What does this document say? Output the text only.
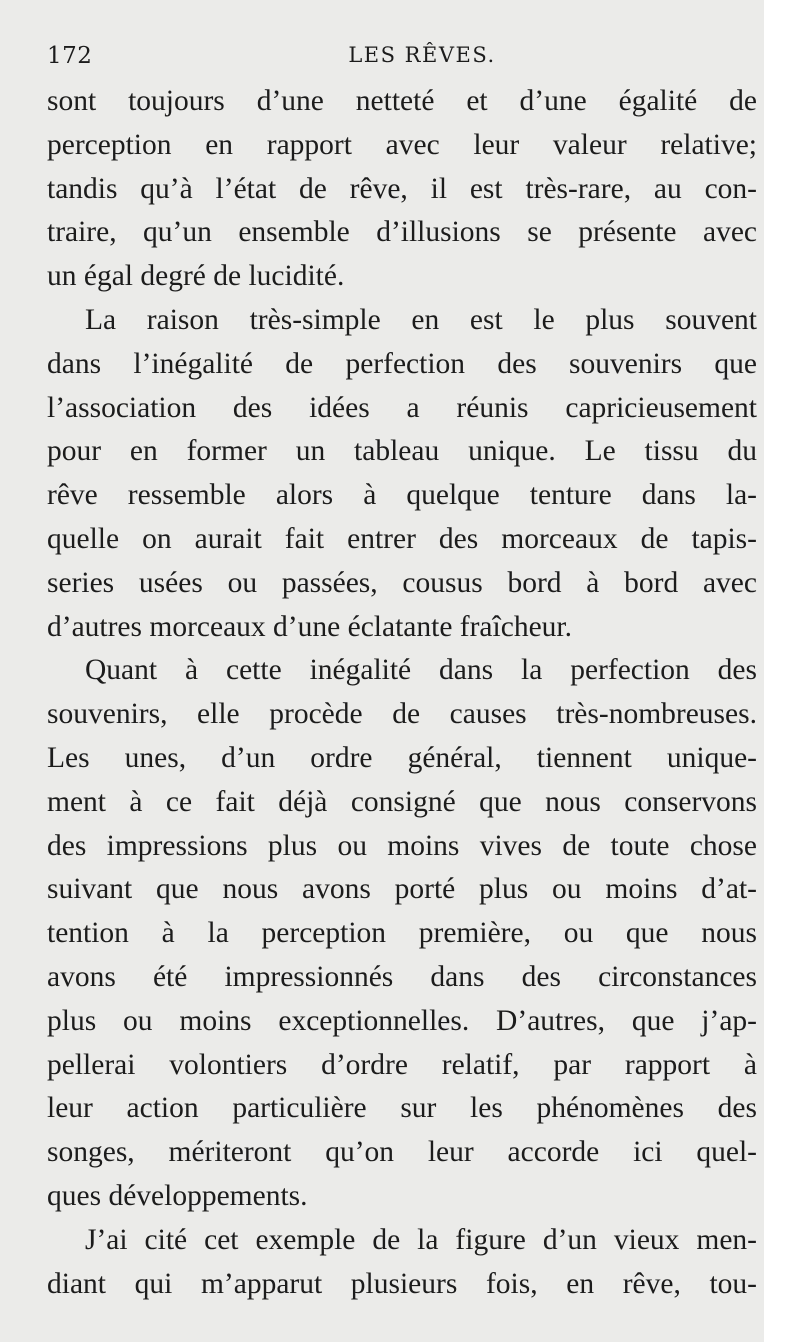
172	LES RÊVES.
sont toujours d’une netteté et d’une égalité de
perception en rapport avec leur valeur relative;
tandis qu’à l’état de rêve, il est très-rare, au con-
traire, qu’un ensemble d’illusions se présente avec
un égal degré de lucidité.
La raison très-simple en est le plus souvent
dans l’inégalité de perfection des souvenirs que
l’association des idées a réunis capricieusement
pour en former un tableau unique. Le tissu du
rêve ressemble alors à quelque tenture dans la-
quelle on aurait fait entrer des morceaux de tapis-
series usées ou passées, cousus bord à bord avec
d’autres morceaux d’une éclatante fraîcheur.
Quant à cette inégalité dans la perfection des
souvenirs, elle procède de causes très-nombreuses.
Les unes, d’un ordre général, tiennent unique-
ment à ce fait déjà consigné que nous conservons
des impressions plus ou moins vives de toute chose
suivant que nous avons porté plus ou moins d’at-
tention à la perception première, ou que nous
avons été impressionnés dans des circonstances
plus ou moins exceptionnelles. D’autres, que j’ap-
pellerai volontiers d’ordre relatif, par rapport à
leur action particulière sur les phénomènes des
songes, mériteront qu’on leur accorde ici quel-
ques développements.
J’ai cité cet exemple de la figure d’un vieux men-
diant qui m’apparut plusieurs fois, en rêve, tou-
